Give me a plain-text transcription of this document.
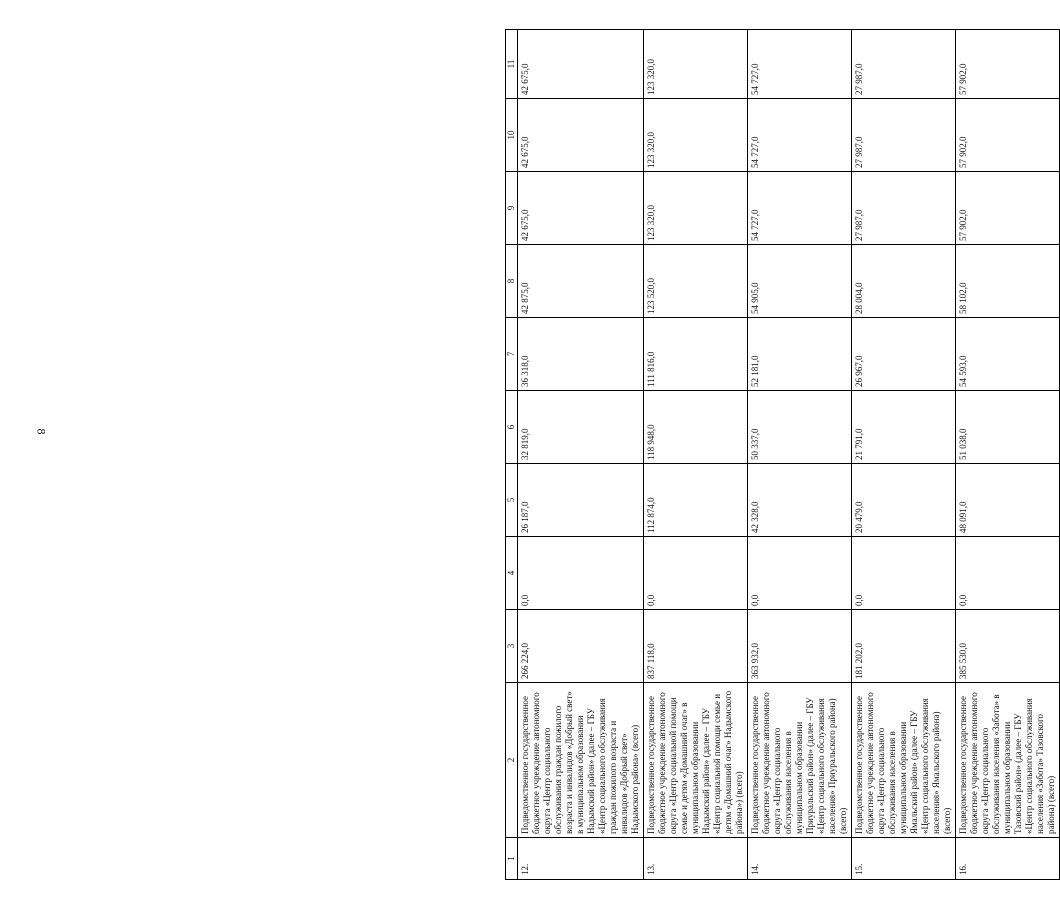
8
1	2	3	4	5	6	7	8	9	10	11
12.	Подведомственное государственное бюджетное учреждение автономного округа «Центр социального обслуживания граждан пожилого возраста и инвалидов «Добрый свет» в муниципальном образовании Надымский район» (далее – ГБУ «Центр социального обслуживания граждан пожилого возраста и инвалидов «Добрый свет» Надымского района» (всего)	266 224,0	0,0	26 187,0	32 819,0	36 318,0	42 875,0	42 675,0	42 675,0	42 675,0
13.	Подведомственное государственное бюджетное учреждение автономного округа «Центр социальной помощи семье и детям «Домашний очаг» в муниципальном образовании Надымский район» (далее – ГБУ «Центр социальной помощи семье и детям «Домашний очаг» Надымского района») (всего)	837 118,0	0,0	112 874,0	118 948,0	111 816,0	123 520,0	123 320,0	123 320,0	123 320,0
14.	Подведомственное государственное бюджетное учреждение автономного округа «Центр социального обслуживания населения в муниципальном образовании Приуральский район» (далее – ГБУ «Центр социального обслуживания населения» Приуральского района) (всего)	363 932,0	0,0	42 328,0	50 337,0	52 181,0	54 905,0	54 727,0	54 727,0	54 727,0
15.	Подведомственное государственное бюджетное учреждение автономного округа «Центр социального обслуживания населения в муниципальном образовании Ямальский район» (далее – ГБУ «Центр социального обслуживания населения» Ямальского района) (всего)	181 202,0	0,0	20 479,0	21 791,0	26 967,0	28 004,0	27 987,0	27 987,0	27 987,0
16.	Подведомственное государственное бюджетное учреждение автономного округа «Центр социального обслуживания населения «Забота» в муниципальном образовании Тазовский район» (далее – ГБУ «Центр социального обслуживания населения «Забота» Тазовского района) (всего)	385 530,0	0,0	48 091,0	51 038,0	54 593,0	58 102,0	57 902,0	57 902,0	57 902,0
